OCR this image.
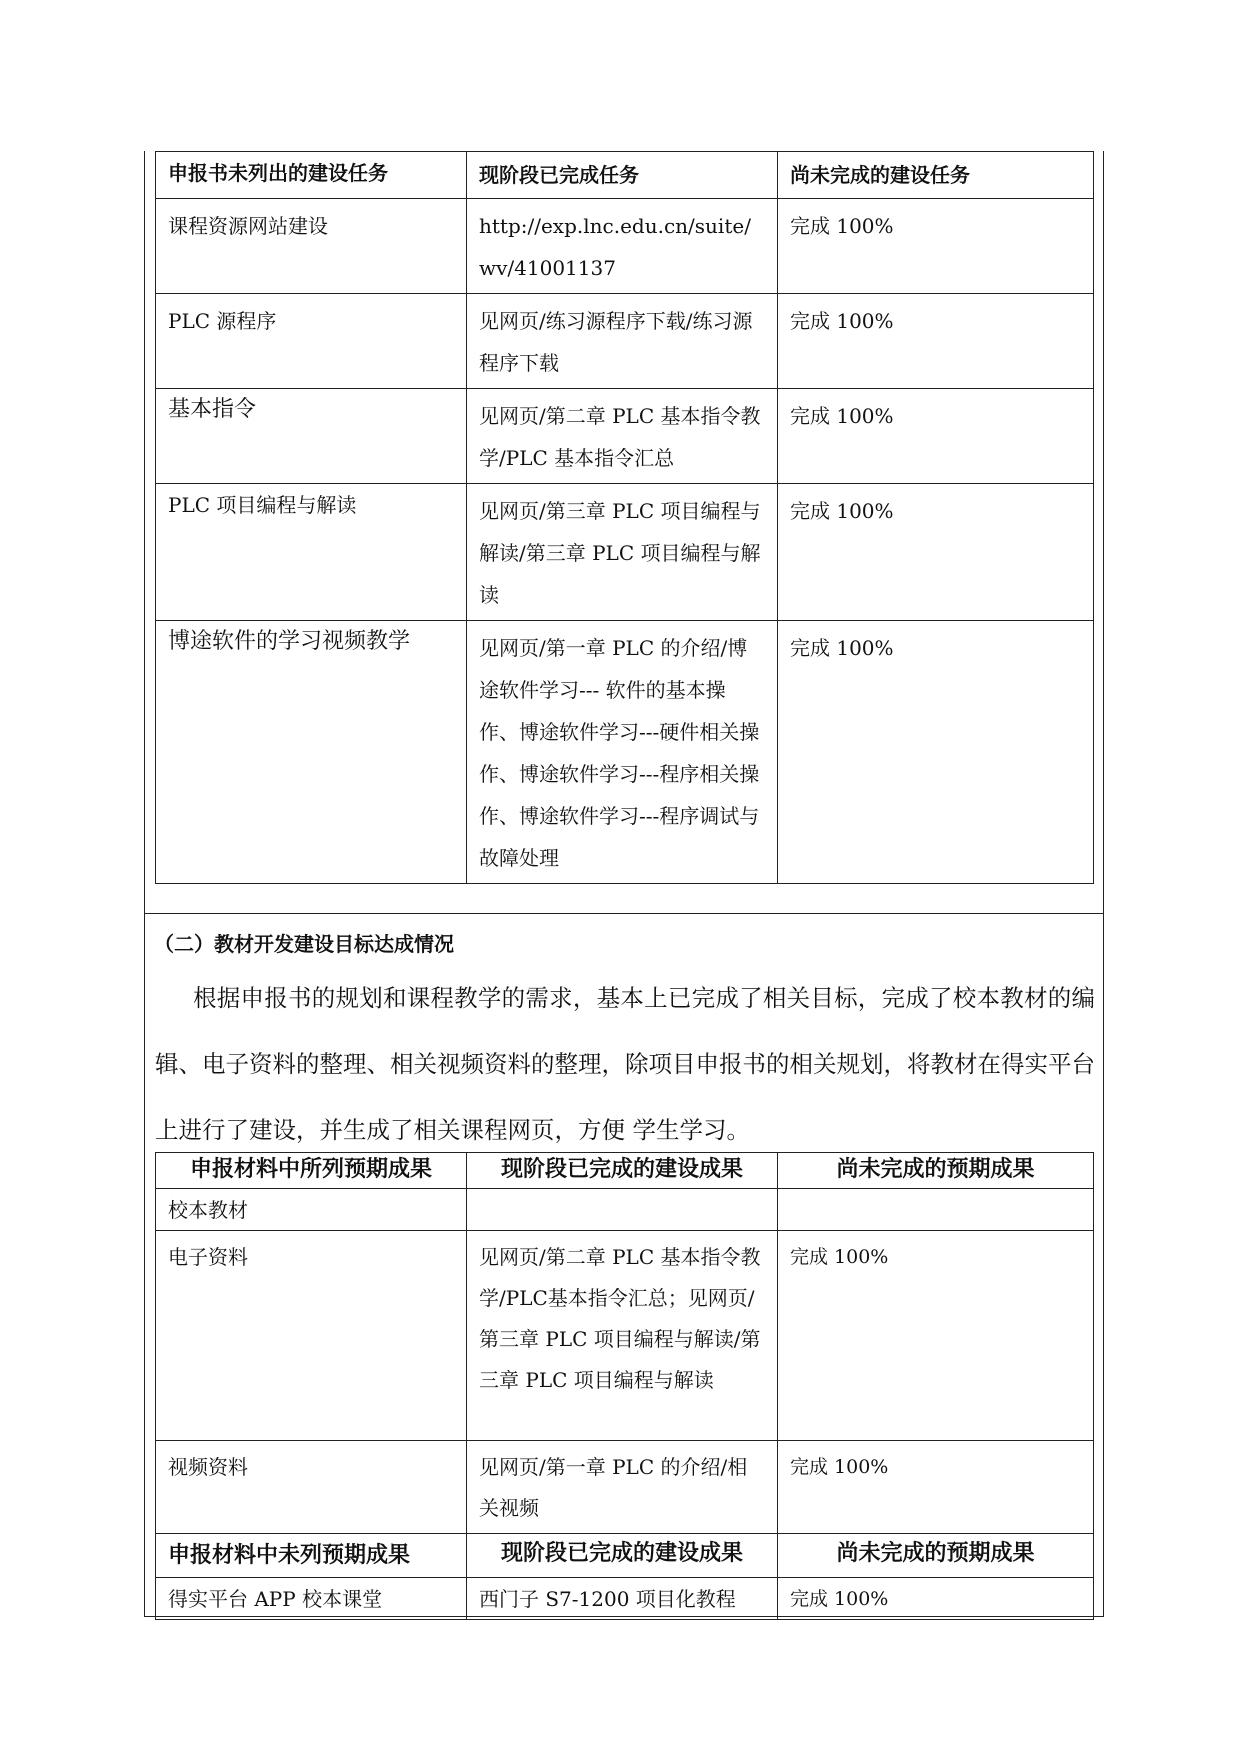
申报书未列出的建设任务	现阶段已完成任务	尚未完成的建设任务
课程资源网站建设	http://exp.lnc.edu.cn/suite/wv/41001137	完成 100%
PLC 源程序	见网页/练习源程序下载/练习源程序下载	完成 100%
基本指令	见网页/第二章 PLC 基本指令教学/PLC 基本指令汇总	完成 100%
PLC 项目编程与解读	见网页/第三章 PLC 项目编程与解读/第三章 PLC 项目编程与解读	完成 100%
博途软件的学习视频教学	见网页/第一章 PLC 的介绍/博途软件学习--- 软件的基本操作、博途软件学习---硬件相关操作、博途软件学习---程序相关操作、博途软件学习---程序调试与故障处理	完成 100%
（二）教材开发建设目标达成情况
根据申报书的规划和课程教学的需求，基本上已完成了相关目标，完成了校本教材的编辑、电子资料的整理、相关视频资料的整理，除项目申报书的相关规划，将教材在得实平台上进行了建设，并生成了相关课程网页，方便 学生学习。
申报材料中所列预期成果	现阶段已完成的建设成果	尚未完成的预期成果
校本教材		
电子资料	见网页/第二章 PLC 基本指令教学/PLC基本指令汇总；见网页/第三章 PLC 项目编程与解读/第三章 PLC 项目编程与解读	完成 100%
视频资料	见网页/第一章 PLC 的介绍/相关视频	完成 100%
申报材料中未列预期成果	现阶段已完成的建设成果	尚未完成的预期成果
得实平台 APP 校本课堂	西门子 S7-1200 项目化教程	完成 100%
